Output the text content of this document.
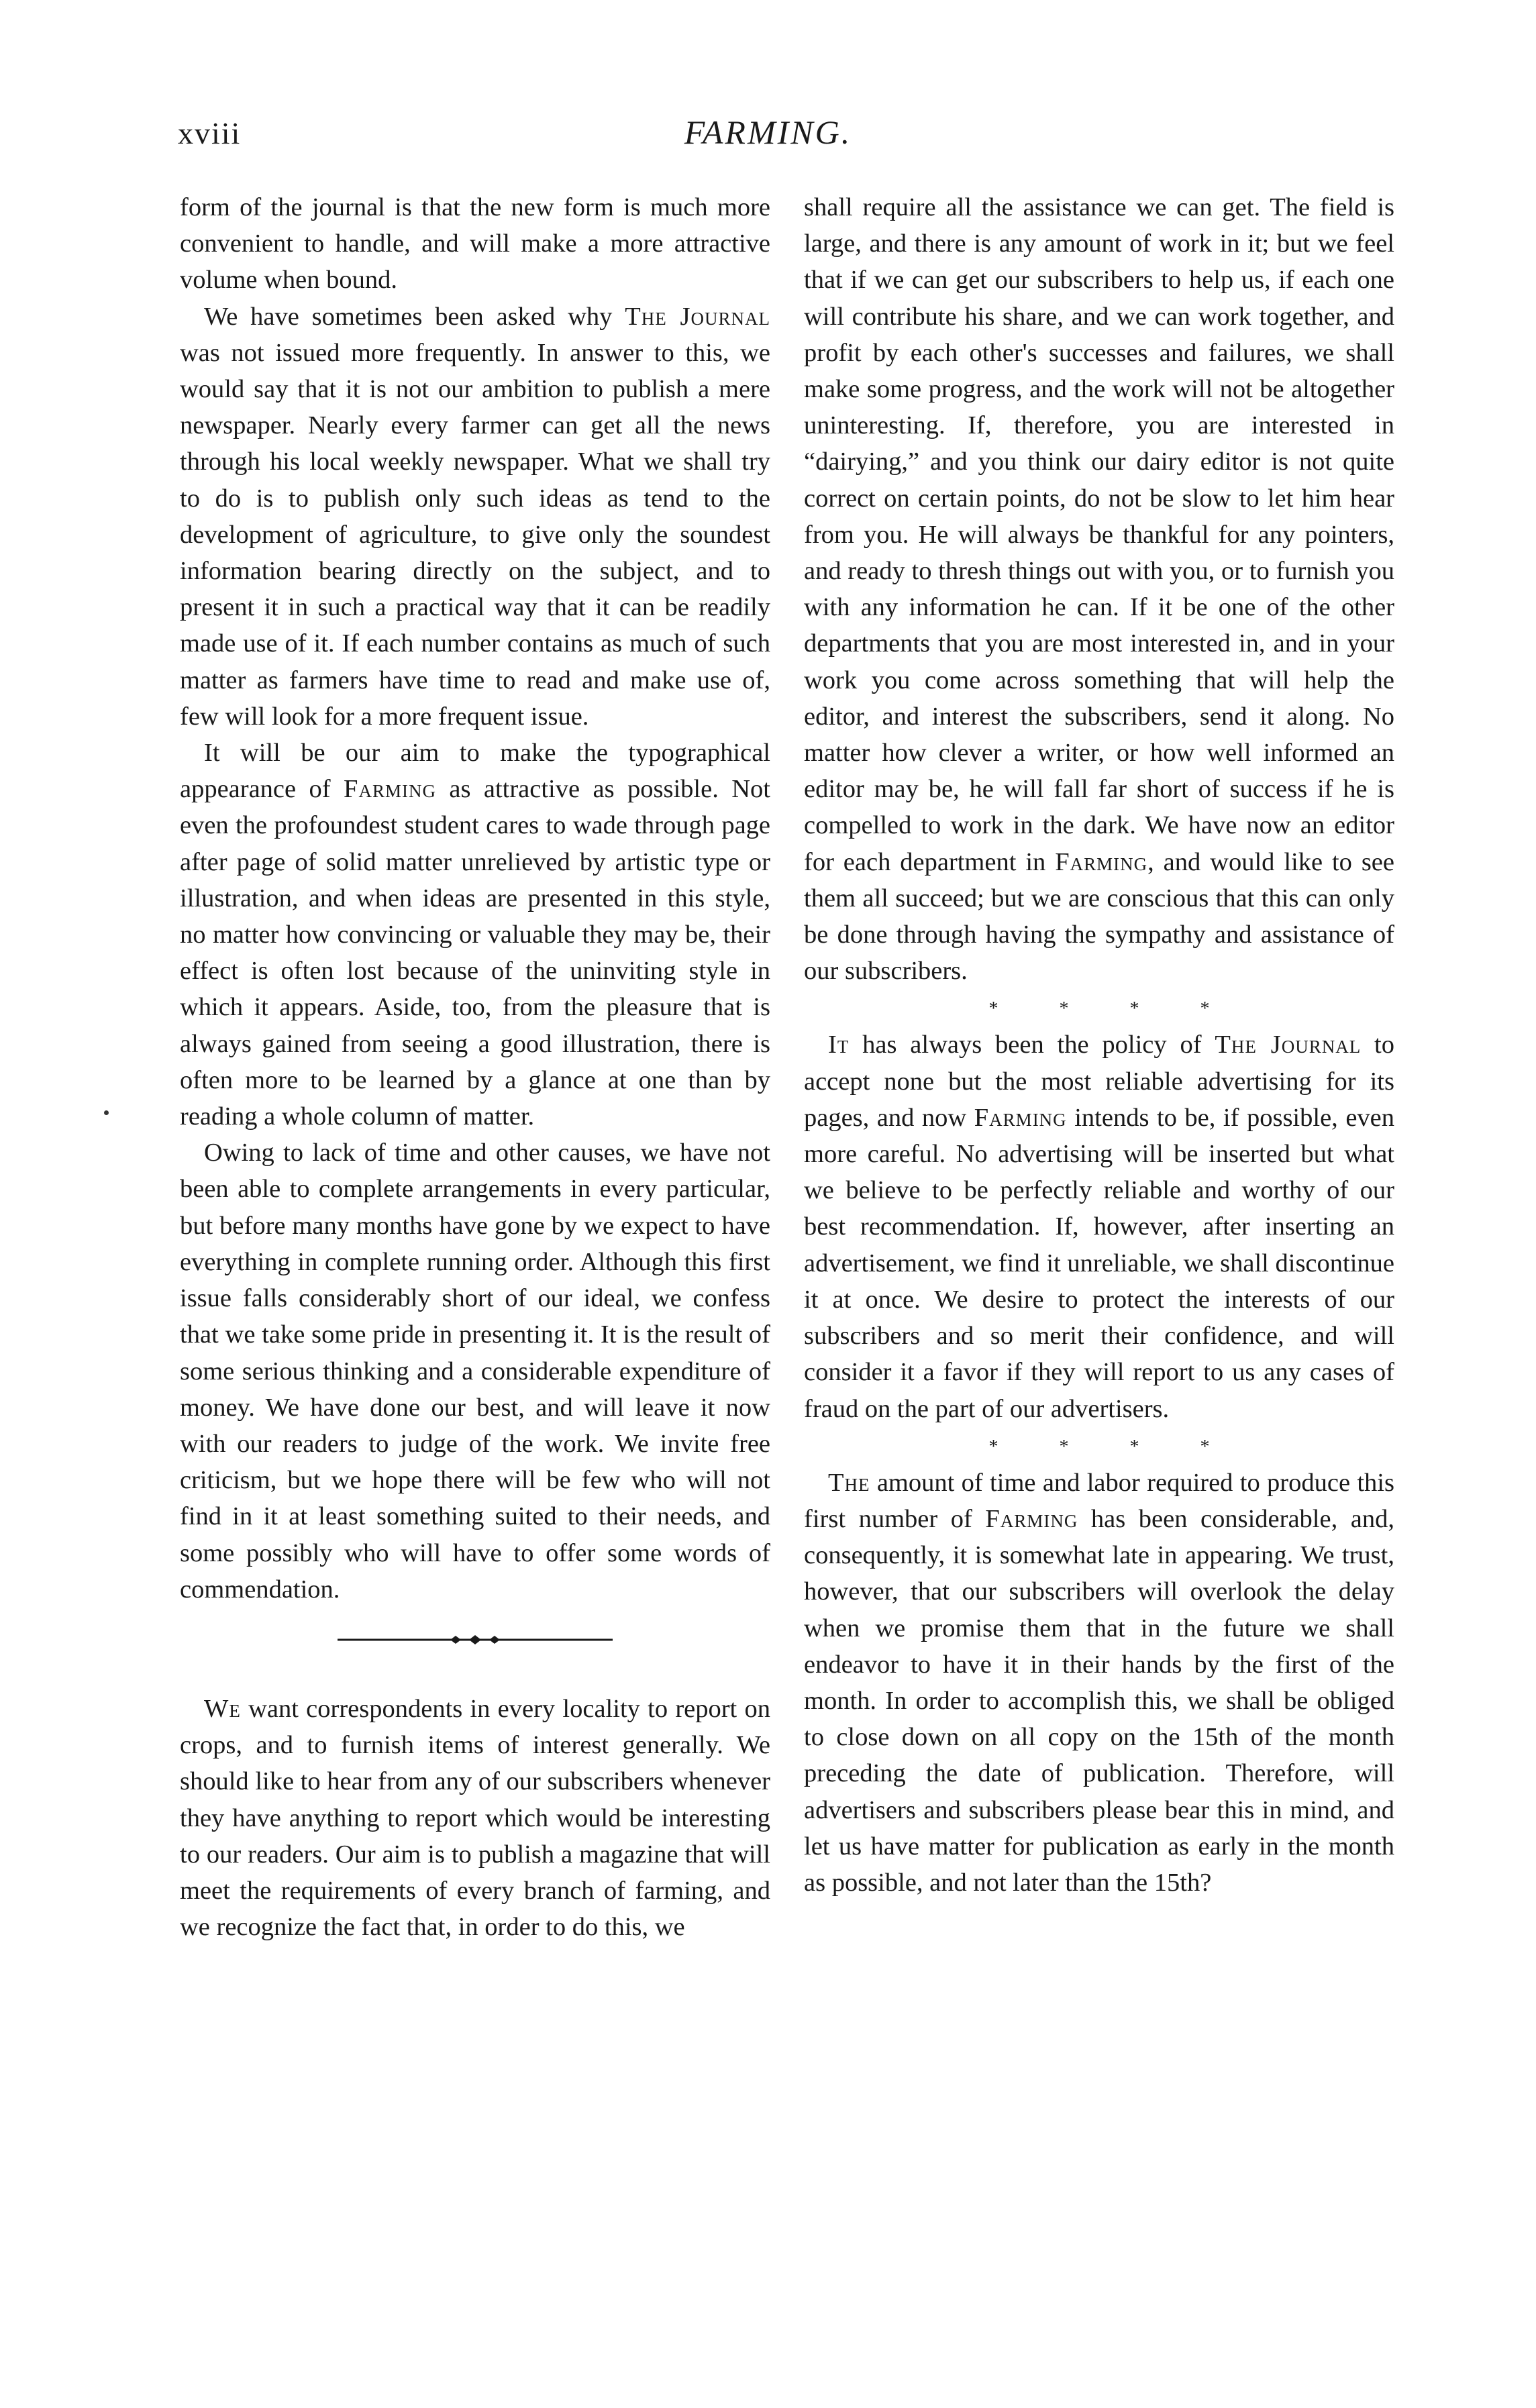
xviii	FARMING.

form of the journal is that the new form is much more convenient to handle, and will make a more attractive volume when bound.

We have sometimes been asked why The Journal was not issued more frequently. In answer to this, we would say that it is not our ambition to publish a mere newspaper. Nearly every farmer can get all the news through his local weekly newspaper. What we shall try to do is to publish only such ideas as tend to the development of agriculture, to give only the soundest information bearing directly on the subject, and to present it in such a practical way that it can be readily made use of it. If each number contains as much of such matter as farmers have time to read and make use of, few will look for a more frequent issue.

It will be our aim to make the typographical appearance of Farming as attractive as possible. Not even the profoundest student cares to wade through page after page of solid matter unrelieved by artistic type or illustration, and when ideas are presented in this style, no matter how convincing or valuable they may be, their effect is often lost because of the uninviting style in which it appears. Aside, too, from the pleasure that is always gained from seeing a good illustration, there is often more to be learned by a glance at one than by reading a whole column of matter.

Owing to lack of time and other causes, we have not been able to complete arrangements in every particular, but before many months have gone by we expect to have everything in complete running order. Although this first issue falls considerably short of our ideal, we confess that we take some pride in presenting it. It is the result of some serious thinking and a considerable expenditure of money. We have done our best, and will leave it now with our readers to judge of the work. We invite free criticism, but we hope there will be few who will not find in it at least something suited to their needs, and some possibly who will have to offer some words of commendation.

We want correspondents in every locality to report on crops, and to furnish items of interest generally. We should like to hear from any of our subscribers whenever they have anything to report which would be interesting to our readers. Our aim is to publish a magazine that will meet the requirements of every branch of farming, and we recognize the fact that, in order to do this, we

shall require all the assistance we can get. The field is large, and there is any amount of work in it; but we feel that if we can get our subscribers to help us, if each one will contribute his share, and we can work together, and profit by each other's successes and failures, we shall make some progress, and the work will not be altogether uninteresting. If, therefore, you are interested in “dairying,” and you think our dairy editor is not quite correct on certain points, do not be slow to let him hear from you. He will always be thankful for any pointers, and ready to thresh things out with you, or to furnish you with any information he can. If it be one of the other departments that you are most interested in, and in your work you come across something that will help the editor, and interest the subscribers, send it along. No matter how clever a writer, or how well informed an editor may be, he will fall far short of success if he is compelled to work in the dark. We have now an editor for each department in Farming, and would like to see them all succeed; but we are conscious that this can only be done through having the sympathy and assistance of our subscribers.

* * * *

It has always been the policy of The Journal to accept none but the most reliable advertising for its pages, and now Farming intends to be, if possible, even more careful. No advertising will be inserted but what we believe to be perfectly reliable and worthy of our best recommendation. If, however, after inserting an advertisement, we find it unreliable, we shall discontinue it at once. We desire to protect the interests of our subscribers and so merit their confidence, and will consider it a favor if they will report to us any cases of fraud on the part of our advertisers.

* * * *

The amount of time and labor required to produce this first number of Farming has been considerable, and, consequently, it is somewhat late in appearing. We trust, however, that our subscribers will overlook the delay when we promise them that in the future we shall endeavor to have it in their hands by the first of the month. In order to accomplish this, we shall be obliged to close down on all copy on the 15th of the month preceding the date of publication. Therefore, will advertisers and subscribers please bear this in mind, and let us have matter for publication as early in the month as possible, and not later than the 15th?
